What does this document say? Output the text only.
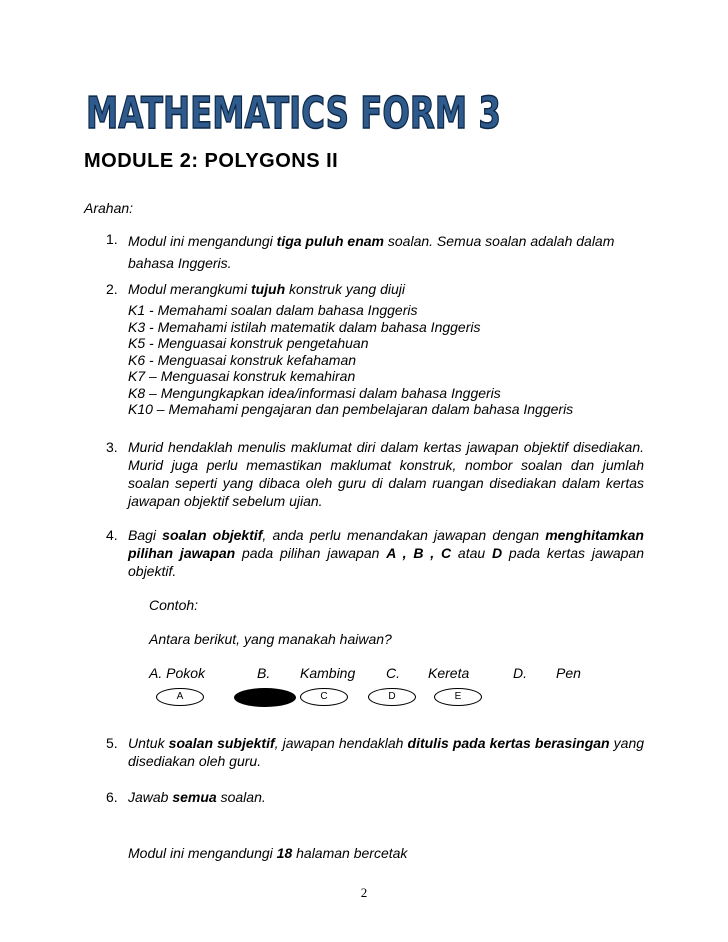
MATHEMATICS FORM 3
MODULE 2: POLYGONS II
Arahan:
1. Modul ini mengandungi tiga puluh enam soalan. Semua soalan adalah dalam bahasa Inggeris.

2. Modul merangkumi tujuh konstruk yang diuji

K1 - Memahami soalan dalam bahasa Inggeris
K3 - Memahami istilah matematik dalam bahasa Inggeris
K5 - Menguasai konstruk pengetahuan
K6 - Menguasai konstruk kefahaman
K7 – Menguasai konstruk kemahiran
K8 – Mengungkapkan idea/informasi dalam bahasa Inggeris
K10 – Memahami pengajaran dan pembelajaran dalam bahasa Inggeris
3. Murid hendaklah menulis maklumat diri dalam kertas jawapan objektif disediakan. Murid juga perlu memastikan maklumat konstruk, nombor soalan dan jumlah soalan seperti yang dibaca oleh guru di dalam ruangan disediakan dalam kertas jawapan objektif sebelum ujian.

4. Bagi soalan objektif, anda perlu menandakan jawapan dengan menghitamkan pilihan jawapan pada pilihan jawapan A , B , C atau D pada kertas jawapan objektif.

Contoh:
Antara berikut, yang manakah haiwan?
A. Pokok	B. Kambing C. Kereta	D. Pen
A	C	D	E
5. Untuk soalan subjektif, jawapan hendaklah ditulis pada kertas berasingan yang disediakan oleh guru.

6. Jawab semua soalan.

Modul ini mengandungi 18 halaman bercetak

2
